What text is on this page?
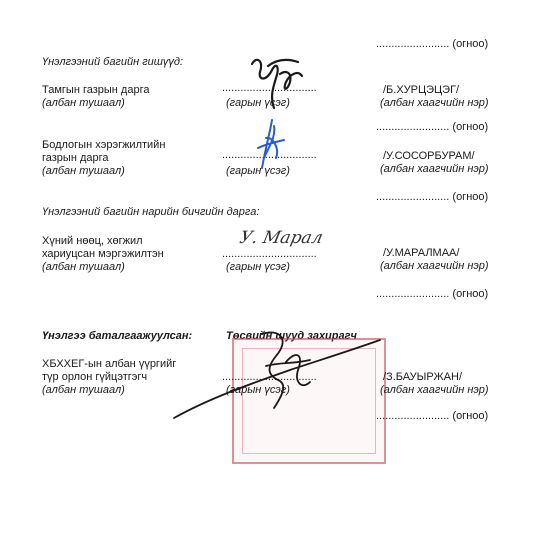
........................ (огноо)
Үнэлгээний багийн гишүүд:
Тамгын газрын дарга
(албан тушаал)
...............................
(гарын үсэг)
/Б.ХУРЦЭЦЭГ/
(албан хаагчийн нэр)
........................ (огноо)
Бодлогын хэрэгжилтийн
газрын дарга
(албан тушаал)
...............................
(гарын үсэг)
/У.СОСОРБУРАМ/
(албан хаагчийн нэр)
........................ (огноо)
Үнэлгээний багийн нарийн бичгийн дарга:
Хүний нөөц, хөгжил
хариуцсан мэргэжилтэн
(албан тушаал)
...............................
(гарын үсэг)
/У.МАРАЛМАА/
(албан хаагчийн нэр)
У. Марал
........................ (огноо)
Үнэлгээ баталгаажуулсан:	Төсвийн шууд захирагч
ХБХХЕГ-ын албан үүргийг
түр орлон гүйцэтгэгч
(албан тушаал)
...............................
(гарын үсэг)
/З.БАУЫРЖАН/
(албан хаагчийн нэр)
........................ (огноо)
